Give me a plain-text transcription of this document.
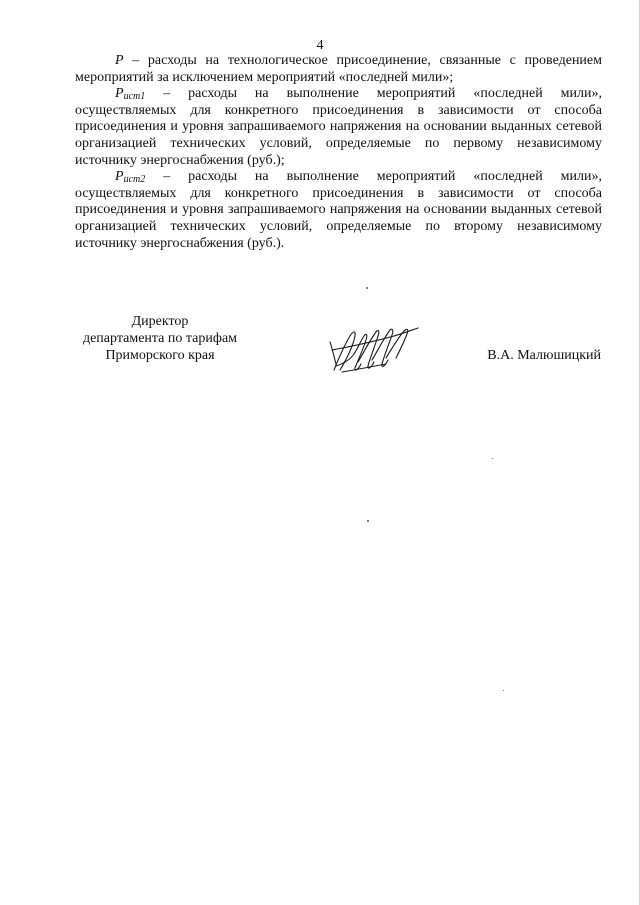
4

P – расходы на технологическое присоединение, связанные с проведением мероприятий за исключением мероприятий «последней мили»;

$P_{ист1}$ – расходы на выполнение мероприятий «последней мили», осуществляемых для конкретного присоединения в зависимости от способа присоединения и уровня запрашиваемого напряжения на основании выданных сетевой организацией технических условий, определяемые по первому независимому источнику энергоснабжения (руб.);

$P_{ист2}$ – расходы на выполнение мероприятий «последней мили», осуществляемых для конкретного присоединения в зависимости от способа присоединения и уровня запрашиваемого напряжения на основании выданных сетевой организацией технических условий, определяемые по второму независимому источнику энергоснабжения (руб.).

Директор
департамента по тарифам
Приморского края	В.А. Малюшицкий
